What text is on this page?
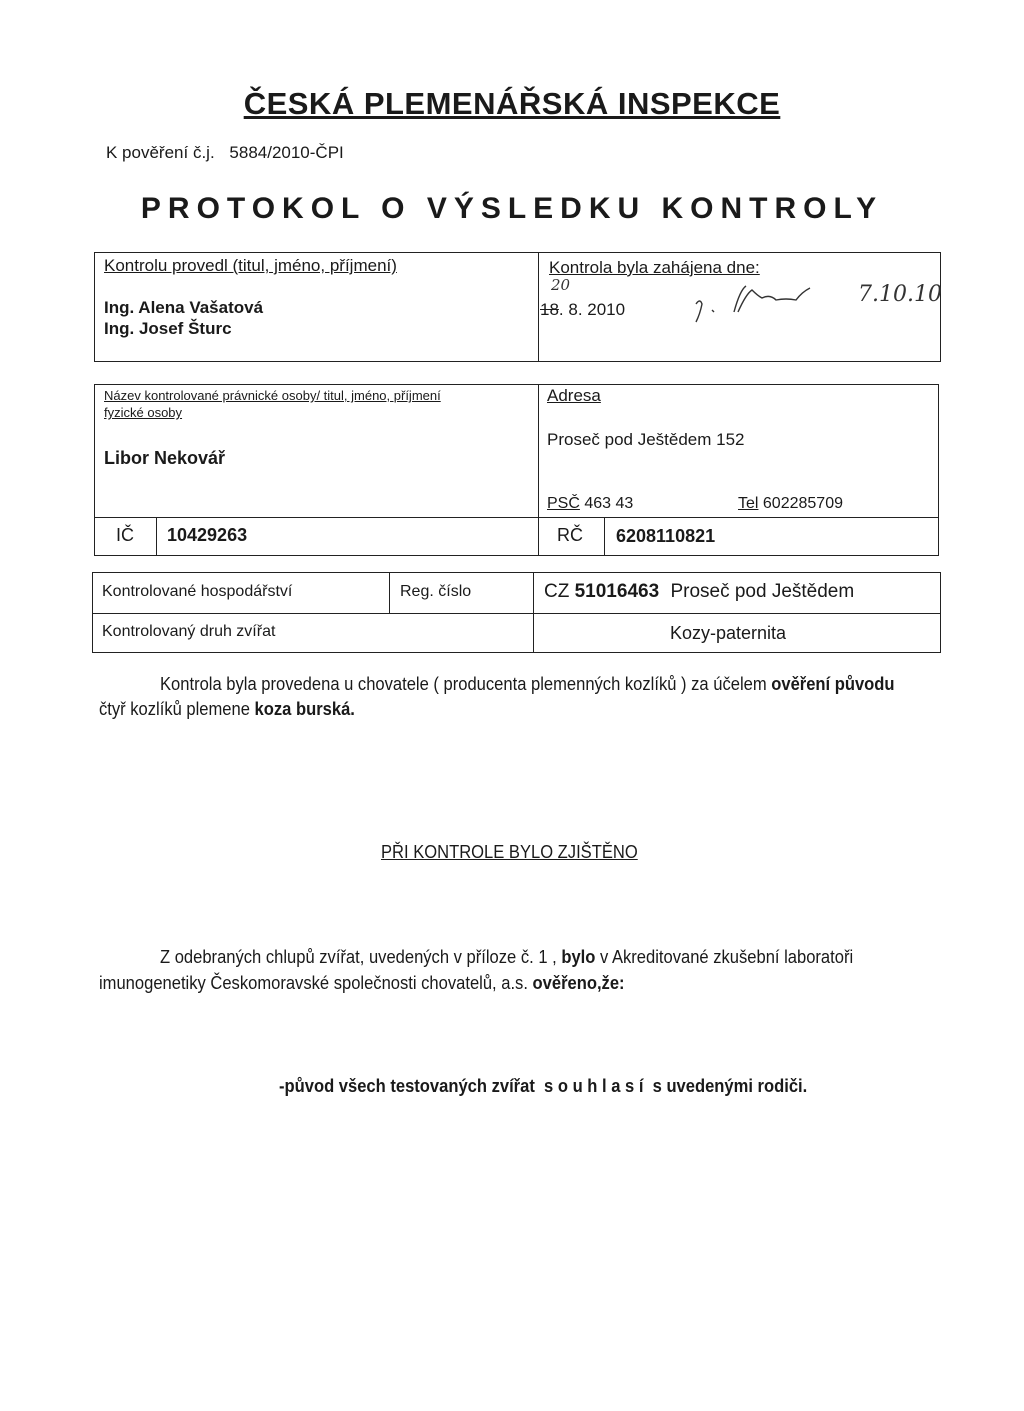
ČESKÁ PLEMENÁŘSKÁ INSPEKCE
K pověření č.j. 5884/2010-ČPI
PROTOKOL O VÝSLEDKU KONTROLY
Kontrolu provedl (titul, jméno, příjmení)
Ing. Alena Vašatová
Ing. Josef Šturc
Kontrola byla zahájena dne:
20
18. 8. 2010
7.10.10
Název kontrolované právnické osoby/ titul, jméno, příjmení
fyzické osoby
Libor Nekovář
Adresa
Proseč pod Ještědem 152
PSČ 463 43	Tel 602285709
IČ 10429263	RČ 6208110821
Kontrolované hospodářství	Reg. číslo	CZ 51016463 Proseč pod Ještědem
Kontrolovaný druh zvířat	Kozy-paternita
Kontrola byla provedena u chovatele ( producenta plemenných kozlíků ) za účelem ověření původu
čtyř kozlíků plemene koza burská.
PŘI KONTROLE BYLO ZJIŠTĚNO
Z odebraných chlupů zvířat, uvedených v příloze č. 1 , bylo v Akreditované zkušební laboratoři
imunogenetiky Českomoravské společnosti chovatelů, a.s. ověřeno,že:
-původ všech testovaných zvířat  s o u h l a s í  s uvedenými rodiči.
